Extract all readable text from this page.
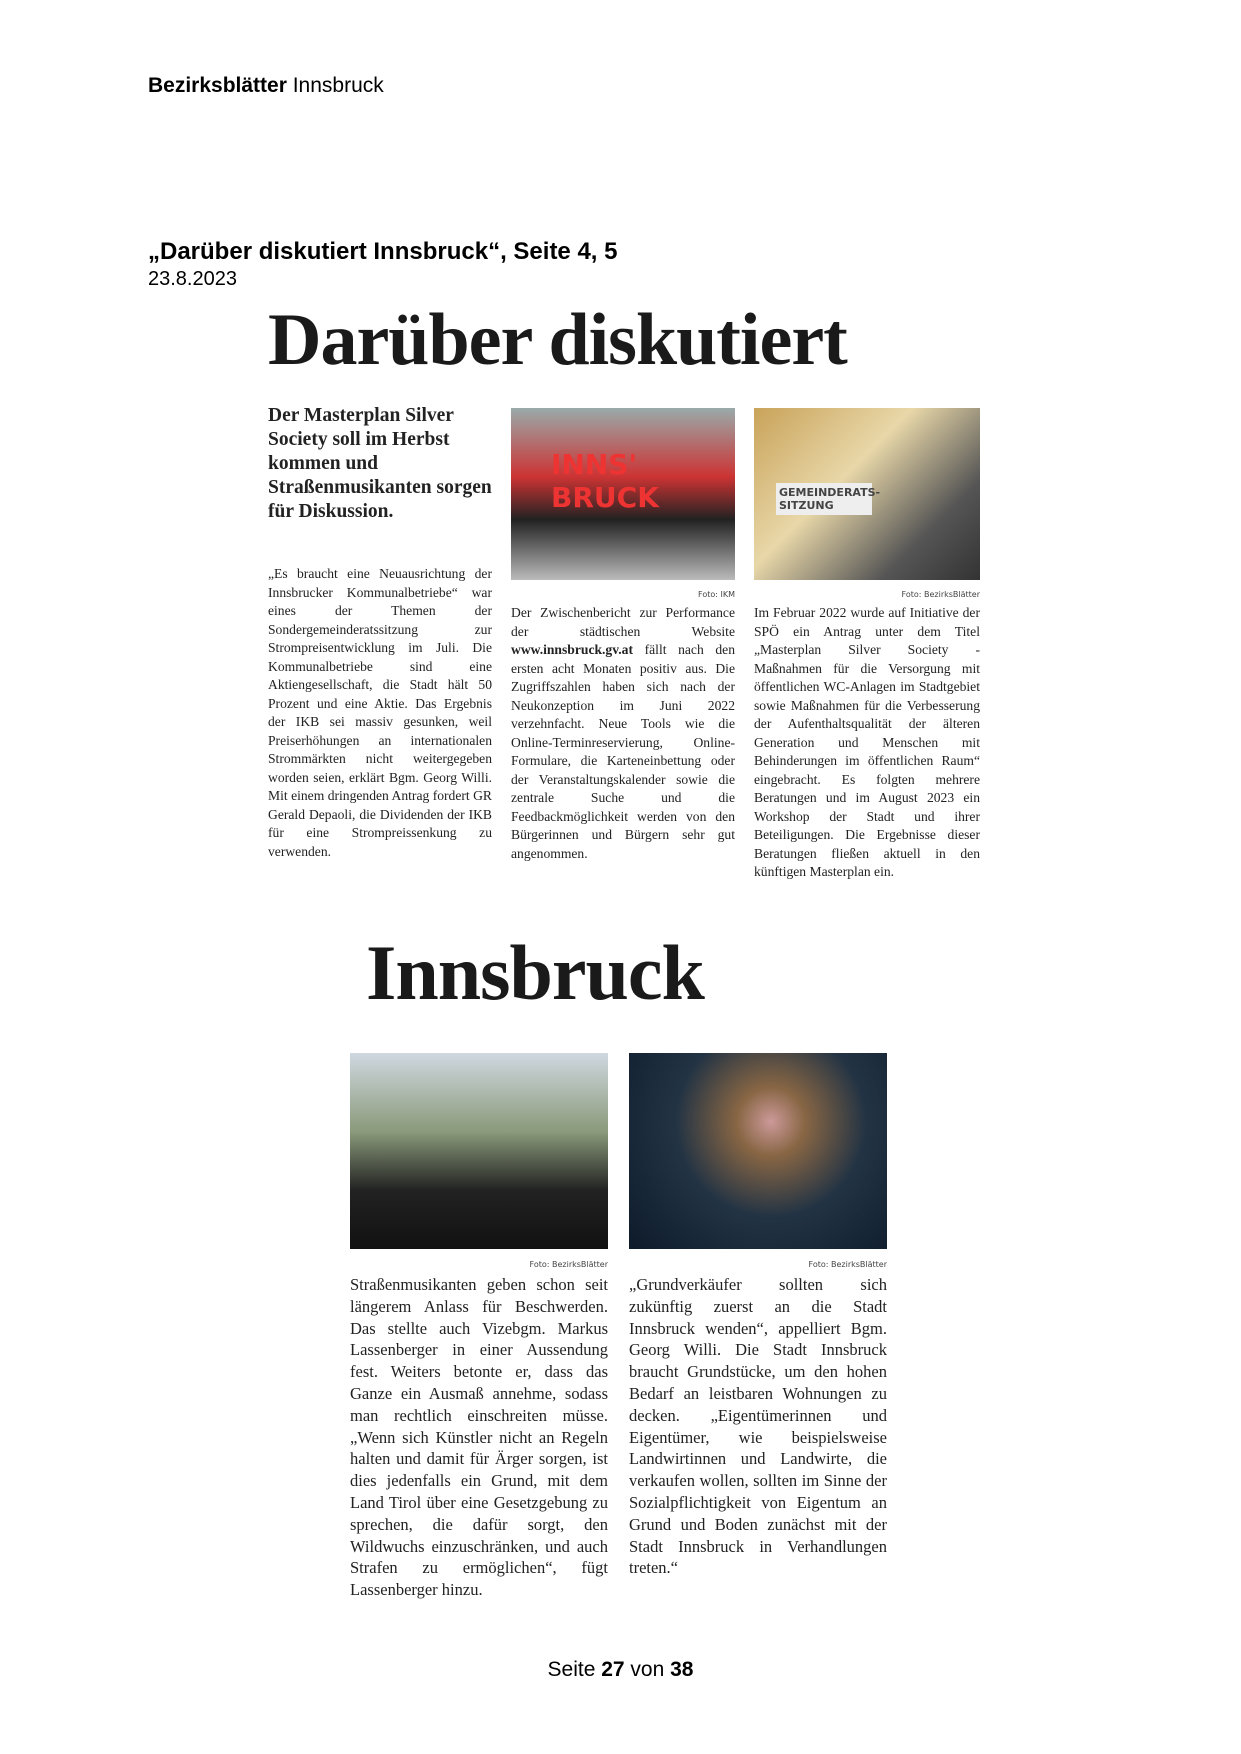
Bezirksblätter Innsbruck
„Darüber diskutiert Innsbruck“, Seite 4, 5
23.8.2023
Darüber diskutiert
Der Masterplan Silver Society soll im Herbst kommen und Straßenmusikanten sorgen für Diskussion.
„Es braucht eine Neuausrichtung der Innsbrucker Kommunalbetriebe“ war eines der Themen der Sondergemeinderatssitzung zur Strompreisentwicklung im Juli. Die Kommunalbetriebe sind eine Aktiengesellschaft, die Stadt hält 50 Prozent und eine Aktie. Das Ergebnis der IKB sei massiv gesunken, weil Preiserhöhungen an internationalen Strommärkten nicht weitergegeben worden seien, erklärt Bgm. Georg Willi. Mit einem dringenden Antrag fordert GR Gerald Depaoli, die Dividenden der IKB für eine Strompreissenkung zu verwenden.
INNS' BRUCK	GEMEINDERATS- SITZUNG
Foto: IKM	Foto: BezirksBlätter
Der Zwischenbericht zur Performance der städtischen Website www.innsbruck.gv.at fällt nach den ersten acht Monaten positiv aus. Die Zugriffszahlen haben sich nach der Neukonzeption im Juni 2022 verzehnfacht. Neue Tools wie die Online-Terminreservierung, Online-Formulare, die Karteneinbettung oder der Veranstaltungskalender sowie die zentrale Suche und die Feedbackmöglichkeit werden von den Bürgerinnen und Bürgern sehr gut angenommen.
Im Februar 2022 wurde auf Initiative der SPÖ ein Antrag unter dem Titel „Masterplan Silver Society - Maßnahmen für die Versorgung mit öffentlichen WC-Anlagen im Stadtgebiet sowie Maßnahmen für die Verbesserung der Aufenthaltsqualität der älteren Generation und Menschen mit Behinderungen im öffentlichen Raum“ eingebracht. Es folgten mehrere Beratungen und im August 2023 ein Workshop der Stadt und ihrer Beteiligungen. Die Ergebnisse dieser Beratungen fließen aktuell in den künftigen Masterplan ein.
Innsbruck
Foto: BezirksBlätter	Foto: BezirksBlätter
Straßenmusikanten geben schon seit längerem Anlass für Beschwerden. Das stellte auch Vizebgm. Markus Lassenberger in einer Aussendung fest. Weiters betonte er, dass das Ganze ein Ausmaß annehme, sodass man rechtlich einschreiten müsse. „Wenn sich Künstler nicht an Regeln halten und damit für Ärger sorgen, ist dies jedenfalls ein Grund, mit dem Land Tirol über eine Gesetzgebung zu sprechen, die dafür sorgt, den Wildwuchs einzuschränken, und auch Strafen zu ermöglichen“, fügt Lassenberger hinzu.
„Grundverkäufer sollten sich zukünftig zuerst an die Stadt Innsbruck wenden“, appelliert Bgm. Georg Willi. Die Stadt Innsbruck braucht Grundstücke, um den hohen Bedarf an leistbaren Wohnungen zu decken. „Eigentümerinnen und Eigentümer, wie beispielsweise Landwirtinnen und Landwirte, die verkaufen wollen, sollten im Sinne der Sozialpflichtigkeit von Eigentum an Grund und Boden zunächst mit der Stadt Innsbruck in Verhandlungen treten.“
Seite 27 von 38
